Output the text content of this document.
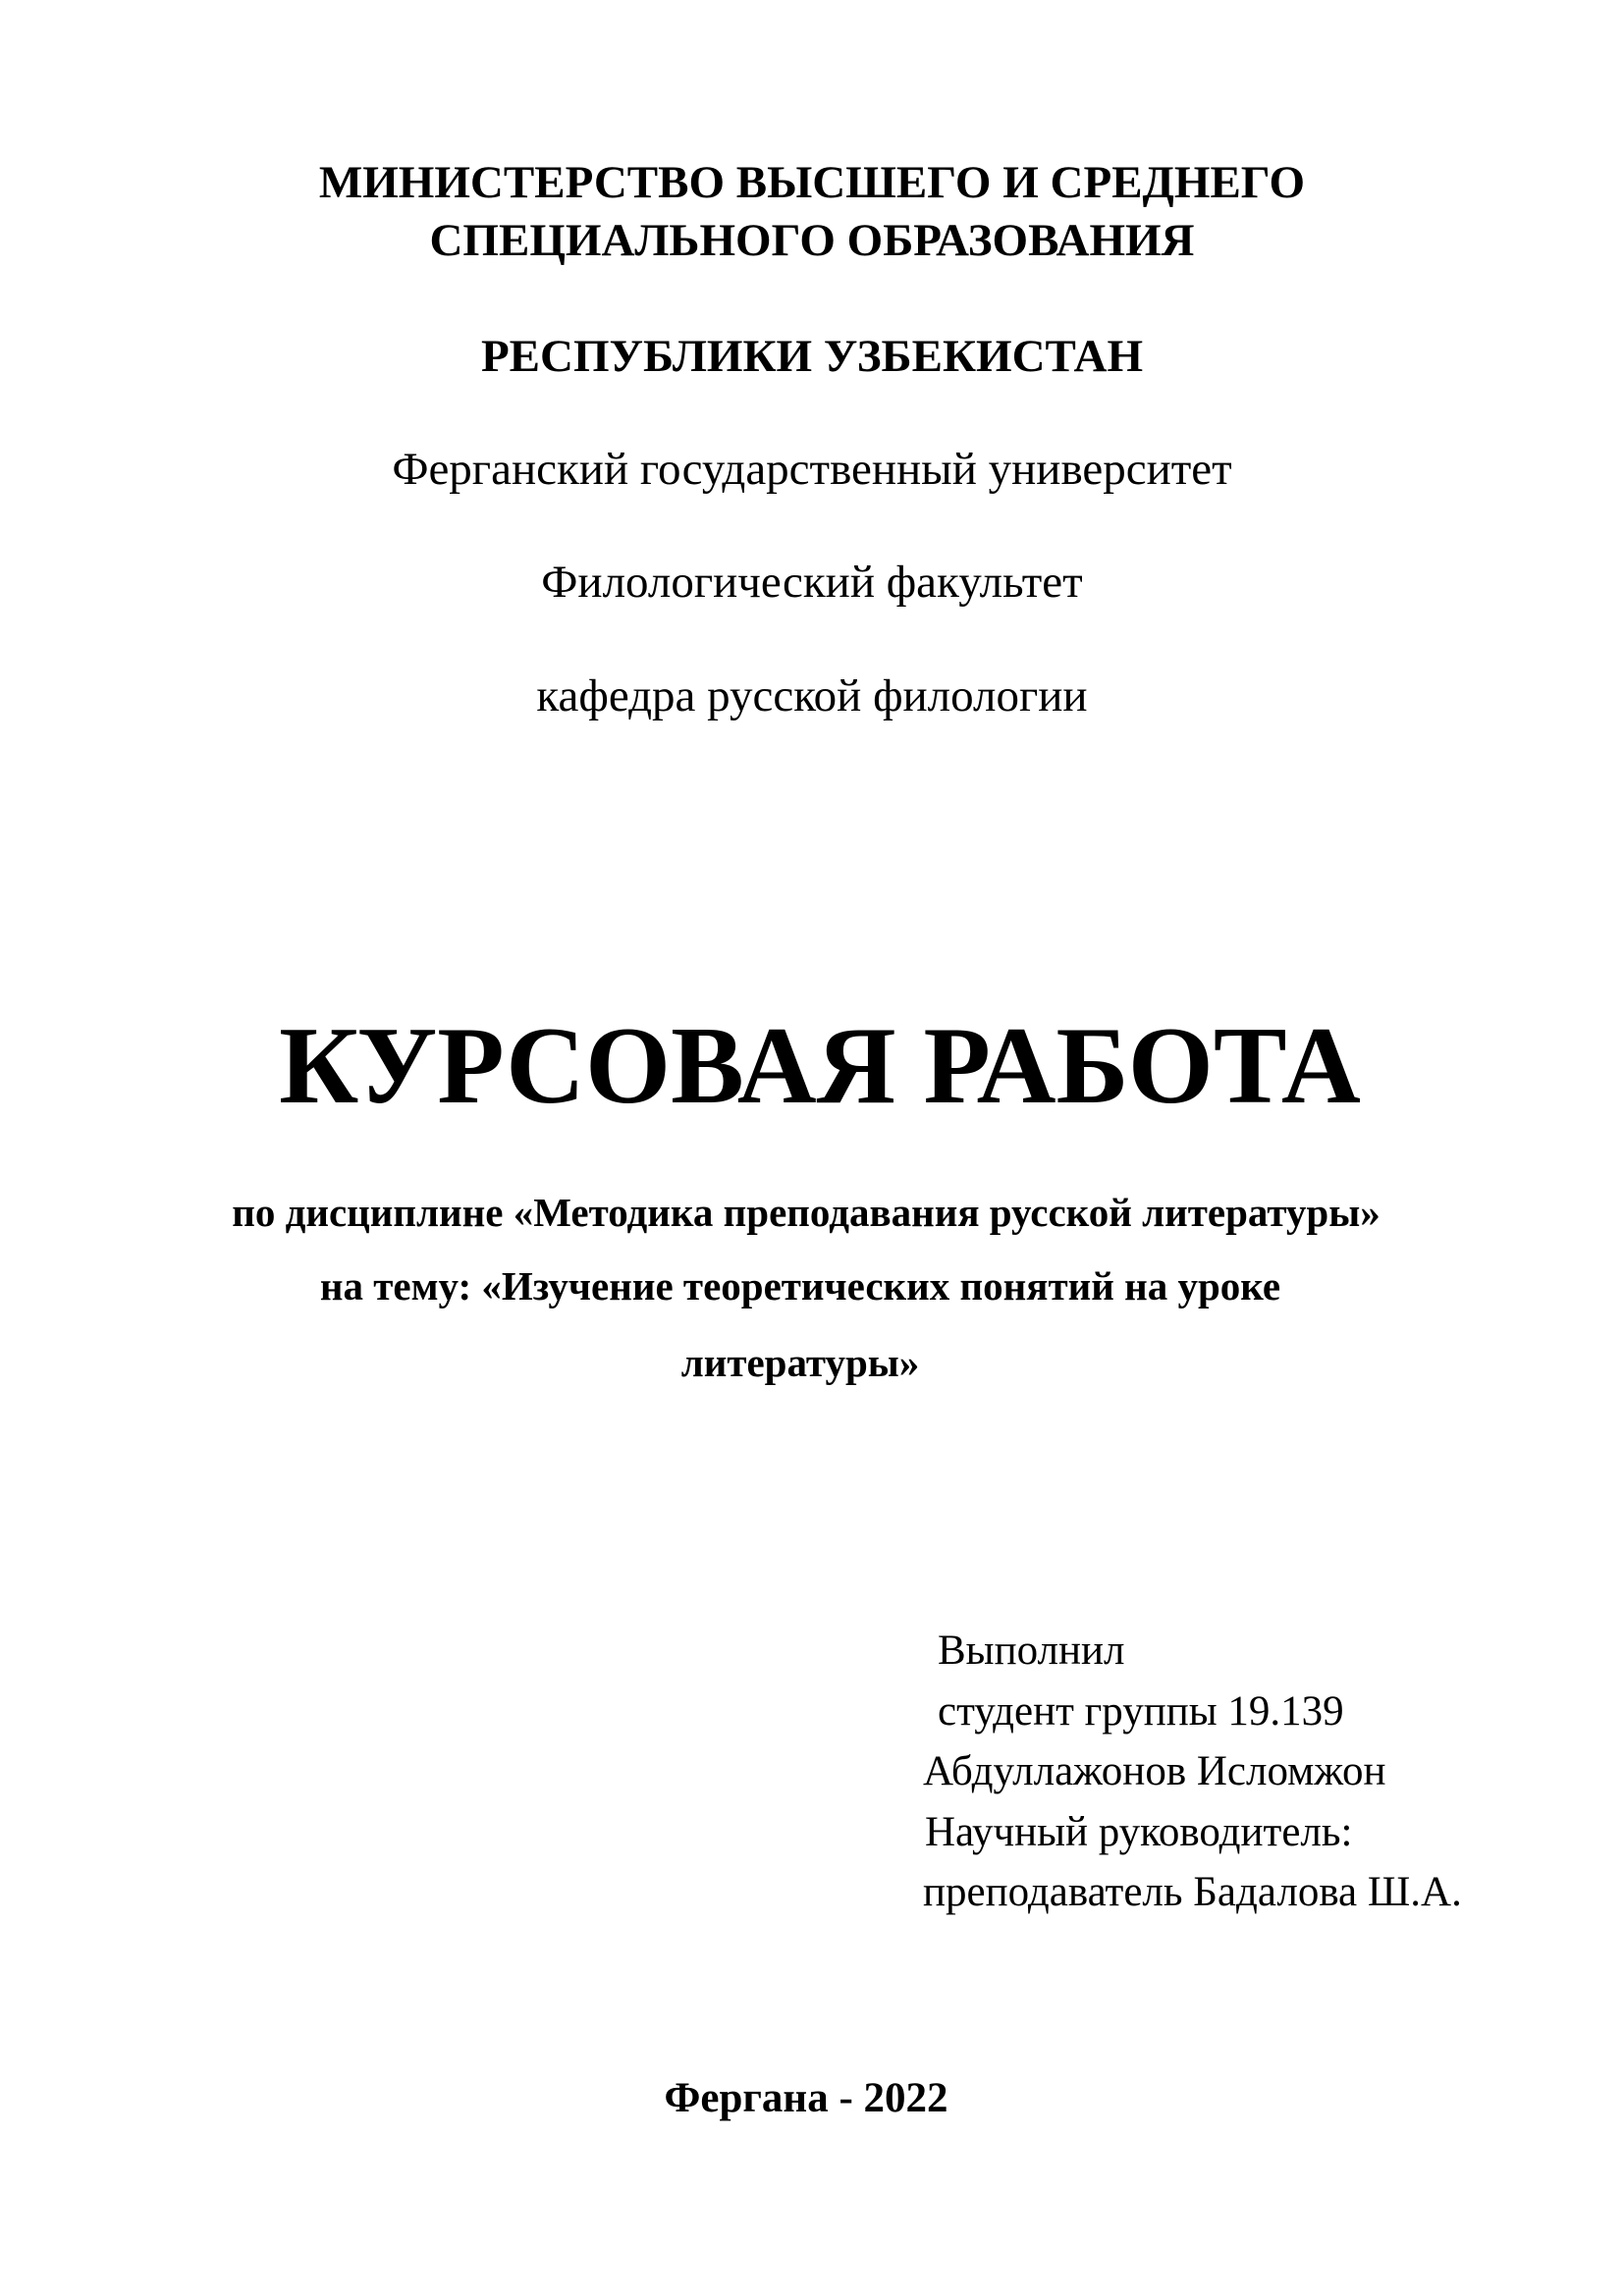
МИНИСТЕРСТВО ВЫСШЕГО И СРЕДНЕГО
СПЕЦИАЛЬНОГО ОБРАЗОВАНИЯ
РЕСПУБЛИКИ УЗБЕКИСТАН
Ферганский государственный университет
Филологический факультет
кафедра русской филологии
КУРСОВАЯ РАБОТА
по дисциплине «Методика преподавания русской литературы»
на тему: «Изучение теоретических понятий на уроке
литературы»
Выполнил
студент группы 19.139
Абдуллажонов Исломжон
Научный руководитель:
преподаватель Бадалова Ш.А.
Фергана - 2022
